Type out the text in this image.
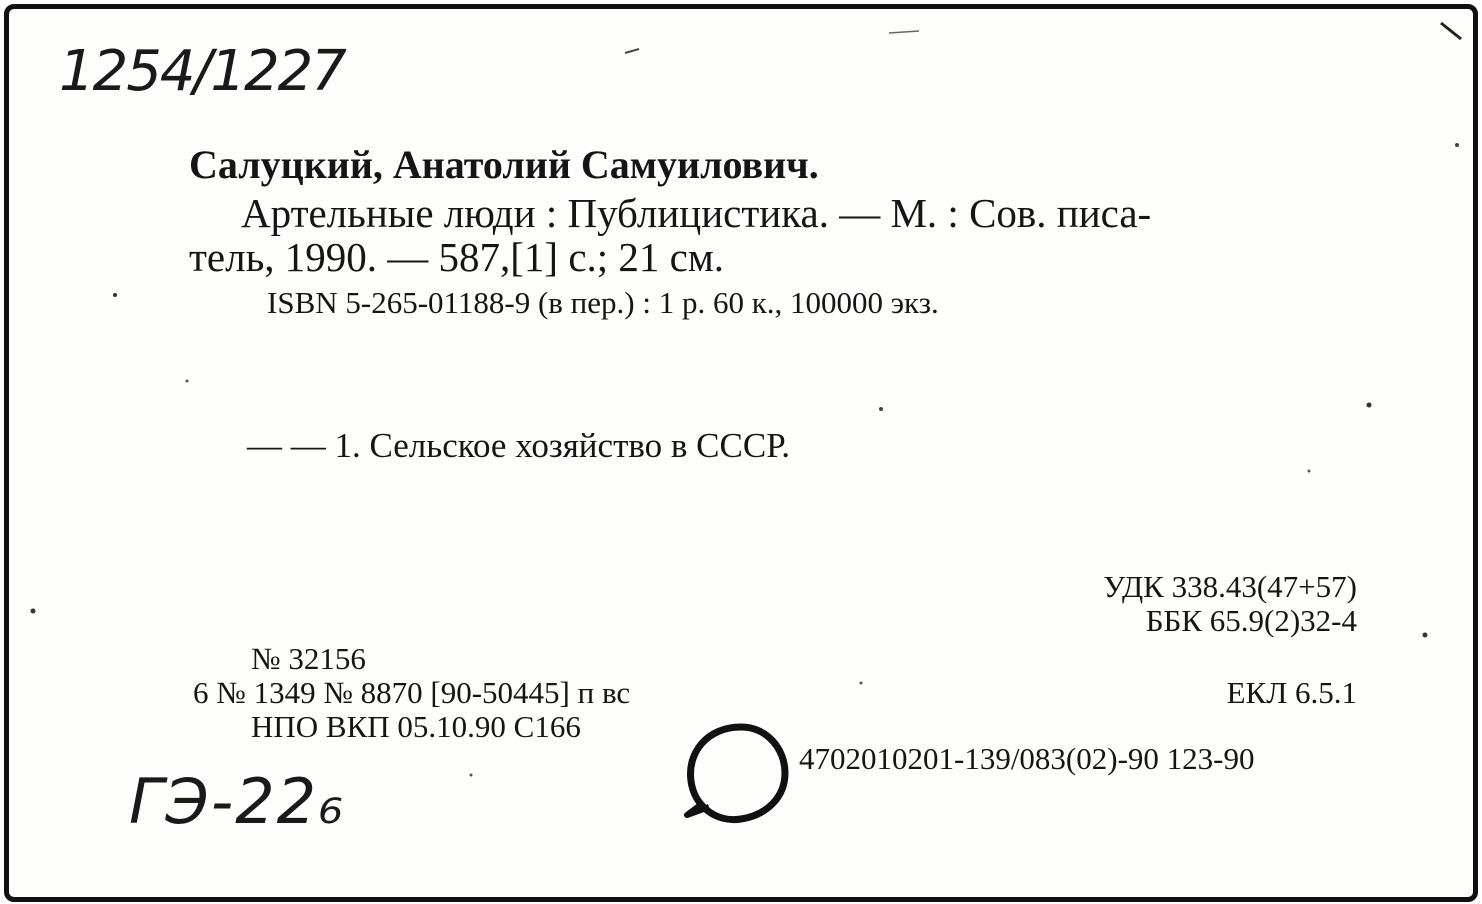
1254/1227
Салуцкий, Анатолий Самуилович.
Артельные люди : Публицистика. — М. : Сов. писа-
тель, 1990. — 587,[1] с.; 21 см.
ISBN 5-265-01188-9 (в пер.) : 1 р. 60 к., 100000 экз.
— — 1. Сельское хозяйство в СССР.
УДК 338.43(47+57)
ББК 65.9(2)32-4
ЕКЛ 6.5.1
№ 32156
6 № 1349 № 8870 [90-50445] п вс
НПО ВКП 05.10.90 С166
4702010201-139/083(02)-90 123-90
ГЭ-22₆
